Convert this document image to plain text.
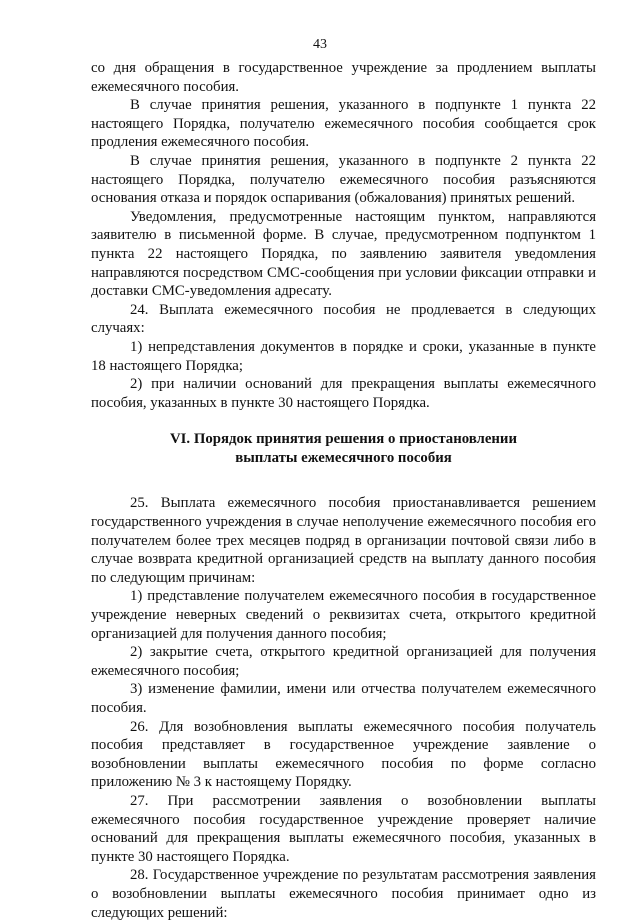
43

со дня обращения в государственное учреждение за продлением выплаты ежемесячного пособия.

В случае принятия решения, указанного в подпункте 1 пункта 22 настоящего Порядка, получателю ежемесячного пособия сообщается срок продления ежемесячного пособия.

В случае принятия решения, указанного в подпункте 2 пункта 22 настоящего Порядка, получателю ежемесячного пособия разъясняются основания отказа и порядок оспаривания (обжалования) принятых решений.

Уведомления, предусмотренные настоящим пунктом, направляются заявителю в письменной форме. В случае, предусмотренном подпунктом 1 пункта 22 настоящего Порядка, по заявлению заявителя уведомления направляются посредством СМС-сообщения при условии фиксации отправки и доставки СМС-уведомления адресату.

24. Выплата ежемесячного пособия не продлевается в следующих случаях:

1) непредставления документов в порядке и сроки, указанные в пункте 18 настоящего Порядка;

2) при наличии оснований для прекращения выплаты ежемесячного пособия, указанных в пункте 30 настоящего Порядка.

VI. Порядок принятия решения о приостановлении
выплаты ежемесячного пособия

25. Выплата ежемесячного пособия приостанавливается решением государственного учреждения в случае неполучение ежемесячного пособия его получателем более трех месяцев подряд в организации почтовой связи либо в случае возврата кредитной организацией средств на выплату данного пособия по следующим причинам:

1) представление получателем ежемесячного пособия в государственное учреждение неверных сведений о реквизитах счета, открытого кредитной организацией для получения данного пособия;

2) закрытие счета, открытого кредитной организацией для получения ежемесячного пособия;

3) изменение фамилии, имени или отчества получателем ежемесячного пособия.

26. Для возобновления выплаты ежемесячного пособия получатель пособия представляет в государственное учреждение заявление о возобновлении выплаты ежемесячного пособия по форме согласно приложению № 3 к настоящему Порядку.

27. При рассмотрении заявления о возобновлении выплаты ежемесячного пособия государственное учреждение проверяет наличие оснований для прекращения выплаты ежемесячного пособия, указанных в пункте 30 настоящего Порядка.

28. Государственное учреждение по результатам рассмотрения заявления о возобновлении выплаты ежемесячного пособия принимает одно из следующих решений:
